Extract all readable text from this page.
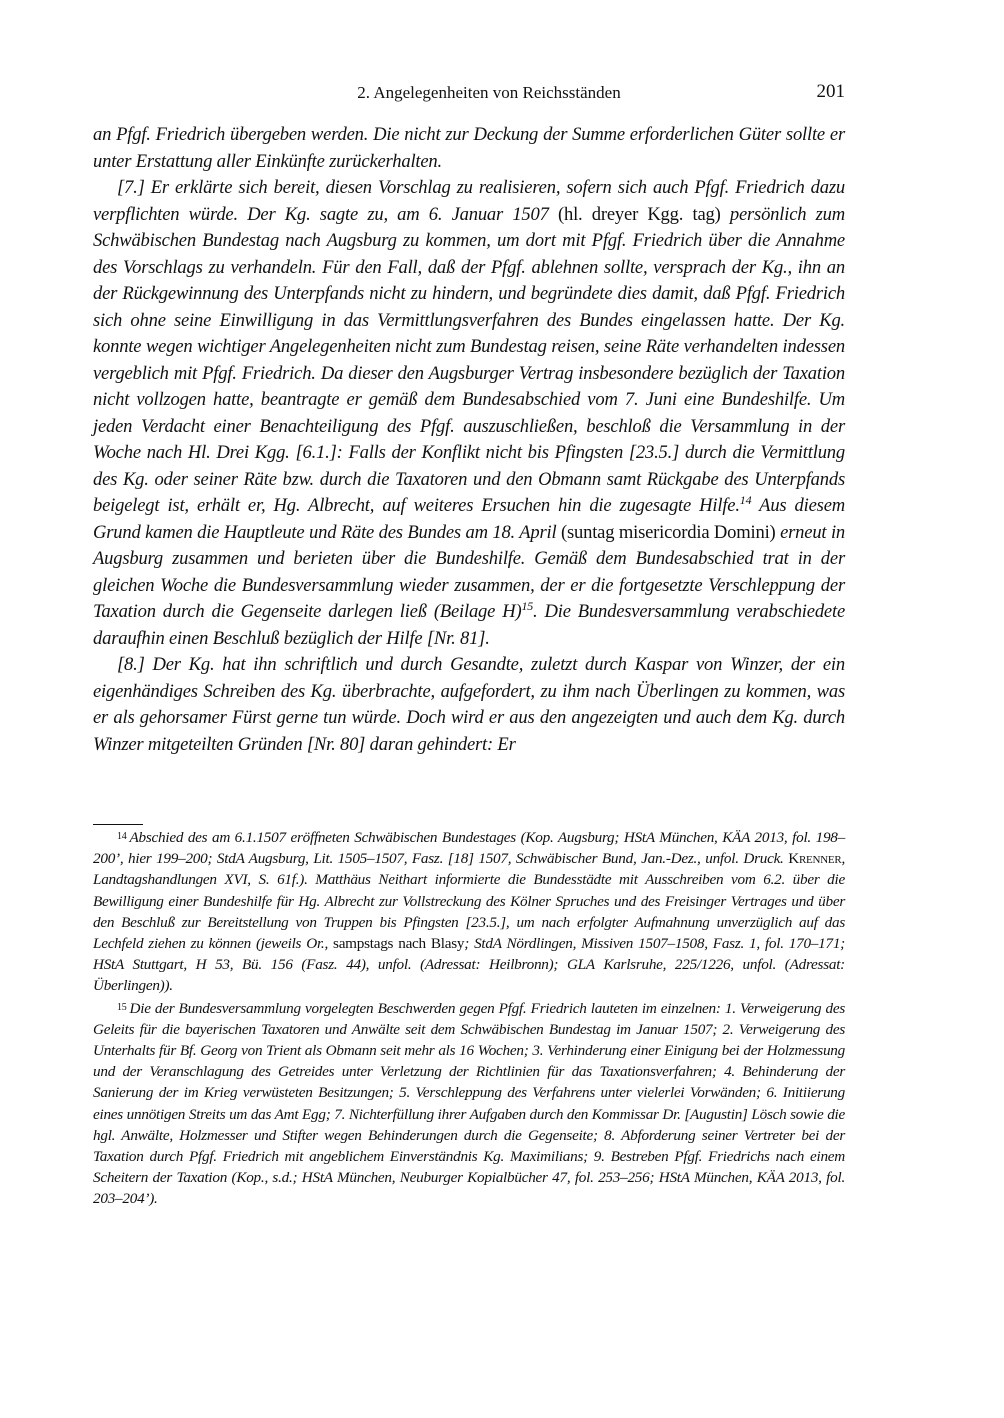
2. Angelegenheiten von Reichsständen	201

an Pfgf. Friedrich übergeben werden. Die nicht zur Deckung der Summe erforderlichen Güter sollte er unter Erstattung aller Einkünfte zurückerhalten.

[7.] Er erklärte sich bereit, diesen Vorschlag zu realisieren, sofern sich auch Pfgf. Friedrich dazu verpflichten würde. Der Kg. sagte zu, am 6. Januar 1507 (hl. dreyer Kgg. tag) persönlich zum Schwäbischen Bundestag nach Augsburg zu kommen, um dort mit Pfgf. Friedrich über die Annahme des Vorschlags zu verhandeln. Für den Fall, daß der Pfgf. ablehnen sollte, versprach der Kg., ihn an der Rückgewinnung des Unterpfands nicht zu hindern, und begründete dies damit, daß Pfgf. Friedrich sich ohne seine Einwilligung in das Vermittlungsverfahren des Bundes eingelassen hatte. Der Kg. konnte wegen wichtiger Angelegenheiten nicht zum Bundestag reisen, seine Räte verhandelten indessen vergeblich mit Pfgf. Friedrich. Da dieser den Augsburger Vertrag insbesondere bezüglich der Taxation nicht vollzogen hatte, beantragte er gemäß dem Bundesabschied vom 7. Juni eine Bundeshilfe. Um jeden Verdacht einer Benachteiligung des Pfgf. auszuschließen, beschloß die Versammlung in der Woche nach Hl. Drei Kgg. [6.1.]: Falls der Konflikt nicht bis Pfingsten [23.5.] durch die Vermittlung des Kg. oder seiner Räte bzw. durch die Taxatoren und den Obmann samt Rückgabe des Unterpfands beigelegt ist, erhält er, Hg. Albrecht, auf weiteres Ersuchen hin die zugesagte Hilfe.$^{14}$ Aus diesem Grund kamen die Hauptleute und Räte des Bundes am 18. April (suntag misericordia Domini) erneut in Augsburg zusammen und berieten über die Bundeshilfe. Gemäß dem Bundesabschied trat in der gleichen Woche die Bundesversammlung wieder zusammen, der er die fortgesetzte Verschleppung der Taxation durch die Gegenseite darlegen ließ (Beilage H)$^{15}$. Die Bundesversammlung verabschiedete daraufhin einen Beschluß bezüglich der Hilfe [Nr. 81].

[8.] Der Kg. hat ihn schriftlich und durch Gesandte, zuletzt durch Kaspar von Winzer, der ein eigenhändiges Schreiben des Kg. überbrachte, aufgefordert, zu ihm nach Überlingen zu kommen, was er als gehorsamer Fürst gerne tun würde. Doch wird er aus den angezeigten und auch dem Kg. durch Winzer mitgeteilten Gründen [Nr. 80] daran gehindert: Er

14 Abschied des am 6.1.1507 eröffneten Schwäbischen Bundestages (Kop. Augsburg; HStA München, KÄA 2013, fol. 198–200’, hier 199–200; StdA Augsburg, Lit. 1505–1507, Fasz. [18] 1507, Schwäbischer Bund, Jan.-Dez., unfol. Druck. Krenner, Landtagshandlungen XVI, S. 61f.). Matthäus Neithart informierte die Bundesstädte mit Ausschreiben vom 6.2. über die Bewilligung einer Bundeshilfe für Hg. Albrecht zur Vollstreckung des Kölner Spruches und des Freisinger Vertrages und über den Beschluß zur Bereitstellung von Truppen bis Pfingsten [23.5.], um nach erfolgter Aufmahnung unverzüglich auf das Lechfeld ziehen zu können (jeweils Or., sampstags nach Blasy; StdA Nördlingen, Missiven 1507–1508, Fasz. 1, fol. 170–171; HStA Stuttgart, H 53, Bü. 156 (Fasz. 44), unfol. (Adressat: Heilbronn); GLA Karlsruhe, 225/1226, unfol. (Adressat: Überlingen)).

15 Die der Bundesversammlung vorgelegten Beschwerden gegen Pfgf. Friedrich lauteten im einzelnen: 1. Verweigerung des Geleits für die bayerischen Taxatoren und Anwälte seit dem Schwäbischen Bundestag im Januar 1507; 2. Verweigerung des Unterhalts für Bf. Georg von Trient als Obmann seit mehr als 16 Wochen; 3. Verhinderung einer Einigung bei der Holzmessung und der Veranschlagung des Getreides unter Verletzung der Richtlinien für das Taxationsverfahren; 4. Behinderung der Sanierung der im Krieg verwüsteten Besitzungen; 5. Verschleppung des Verfahrens unter vielerlei Vorwänden; 6. Initiierung eines unnötigen Streits um das Amt Egg; 7. Nichterfüllung ihrer Aufgaben durch den Kommissar Dr. [Augustin] Lösch sowie die hgl. Anwälte, Holzmesser und Stifter wegen Behinderungen durch die Gegenseite; 8. Abforderung seiner Vertreter bei der Taxation durch Pfgf. Friedrich mit angeblichem Einverständnis Kg. Maximilians; 9. Bestreben Pfgf. Friedrichs nach einem Scheitern der Taxation (Kop., s.d.; HStA München, Neuburger Kopialbücher 47, fol. 253–256; HStA München, KÄA 2013, fol. 203–204’).
